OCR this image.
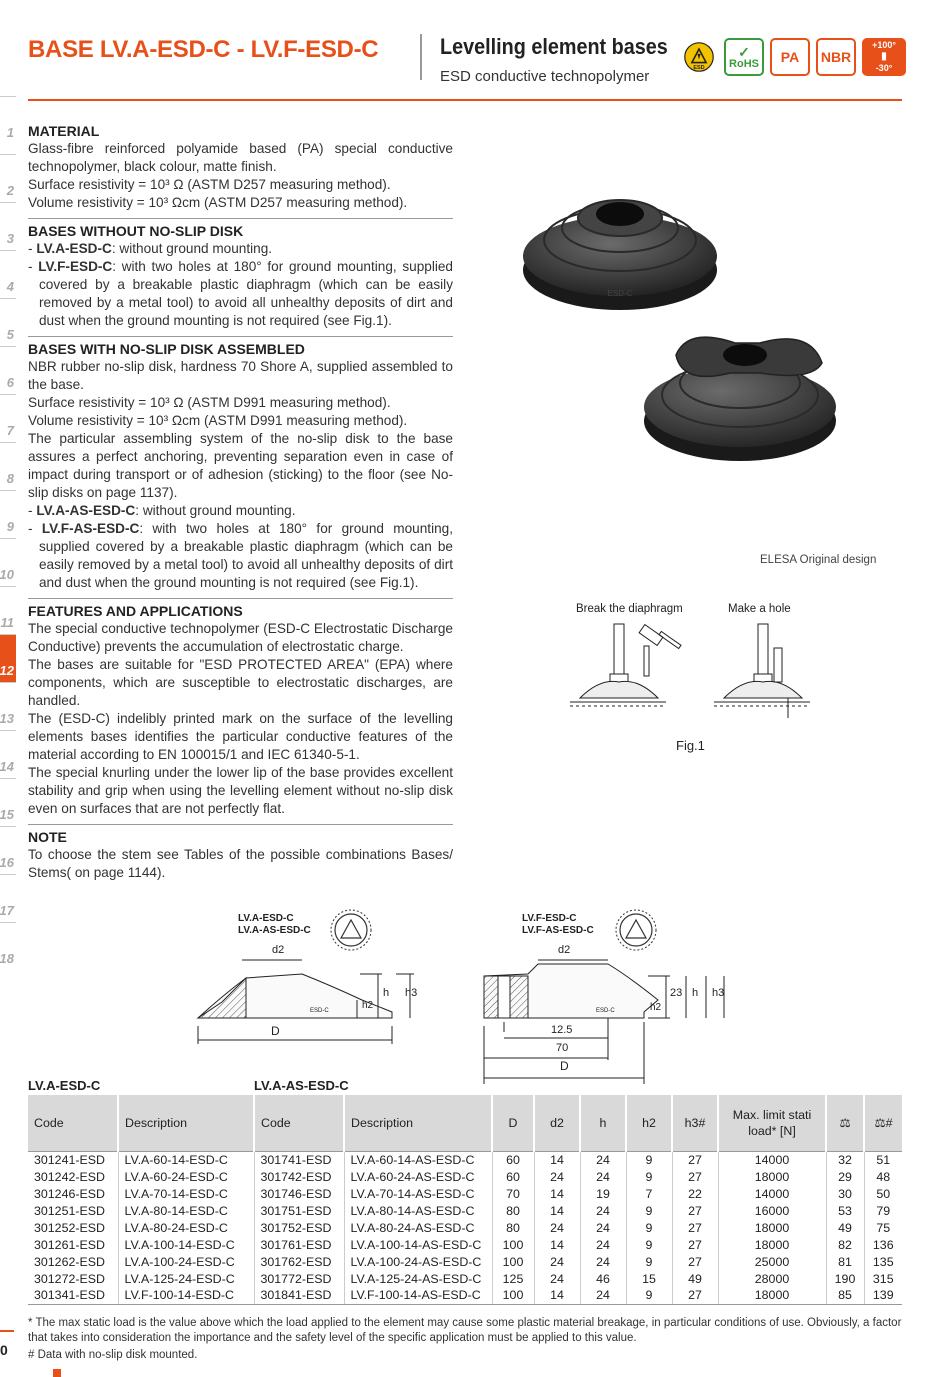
BASE LV.A-ESD-C - LV.F-ESD-C	Levelling element bases
ESD conductive technopolymer
ESD
✓
RoHS	PA	NBR
+100°
▮
-30°
1
2
3
4
5
6
7
8
9
10
11
12
13
14
15
16
17
18
MATERIAL
Glass-fibre reinforced polyamide based (PA) special conductive technopolymer, black colour, matte finish.
Surface resistivity = 10³ Ω (ASTM D257 measuring method).
Volume resistivity = 10³ Ωcm (ASTM D257 measuring method).
BASES WITHOUT NO-SLIP DISK
- LV.A-ESD-C: without ground mounting.
- LV.F-ESD-C: with two holes at 180° for ground mounting, supplied covered by a breakable plastic diaphragm (which can be easily removed by a metal tool) to avoid all unhealthy deposits of dirt and dust when the ground mounting is not required (see Fig.1).
BASES WITH NO-SLIP DISK ASSEMBLED
NBR rubber no-slip disk, hardness 70 Shore A, supplied assembled to the base.
Surface resistivity = 10³ Ω (ASTM D991 measuring method).
Volume resistivity = 10³ Ωcm (ASTM D991 measuring method).
The particular assembling system of the no-slip disk to the base assures a perfect anchoring, preventing separation even in case of impact during transport or of adhesion (sticking) to the floor (see No-slip disks on page 1137).
- LV.A-AS-ESD-C: without ground mounting.
- LV.F-AS-ESD-C: with two holes at 180° for ground mounting, supplied covered by a breakable plastic diaphragm (which can be easily removed by a metal tool) to avoid all unhealthy deposits of dirt and dust when the ground mounting is not required (see Fig.1).
FEATURES AND APPLICATIONS
The special conductive technopolymer (ESD-C Electrostatic Discharge Conductive) prevents the accumulation of electrostatic charge.
The bases are suitable for "ESD PROTECTED AREA" (EPA) where components, which are susceptible to electrostatic discharges, are handled.
The (ESD-C) indelibly printed mark on the surface of the levelling elements bases identifies the particular conductive features of the material according to EN 100015/1 and IEC 61340-5-1.
The special knurling under the lower lip of the base provides excellent stability and grip when using the levelling element without no-slip disk even on surfaces that are not perfectly flat.
NOTE
To choose the stem see Tables of the possible combinations Bases/ Stems( on page 1144).
ESD-C
ELESA Original design
Break the diaphragm	Make a hole
Fig.1
LV.A-ESD-C
LV.A-AS-ESD-C
d2
ESD-C
D
h2
h h3
LV.F-ESD-C
LV.F-AS-ESD-C
d2
ESD-C
12.5
70
D
h2
23 h h3
LV.A-ESD-C	LV.A-AS-ESD-C
Code	Description	Code	Description	D	d2	h	h2	h3#	Max. limit stati load* [N]	⚖	⚖#
301241-ESD	LV.A-60-14-ESD-C	301741-ESD	LV.A-60-14-AS-ESD-C	60	14	24	9	27	14000	32	51
301242-ESD	LV.A-60-24-ESD-C	301742-ESD	LV.A-60-24-AS-ESD-C	60	24	24	9	27	18000	29	48
301246-ESD	LV.A-70-14-ESD-C	301746-ESD	LV.A-70-14-AS-ESD-C	70	14	19	7	22	14000	30	50
301251-ESD	LV.A-80-14-ESD-C	301751-ESD	LV.A-80-14-AS-ESD-C	80	14	24	9	27	16000	53	79
301252-ESD	LV.A-80-24-ESD-C	301752-ESD	LV.A-80-24-AS-ESD-C	80	24	24	9	27	18000	49	75
301261-ESD	LV.A-100-14-ESD-C	301761-ESD	LV.A-100-14-AS-ESD-C	100	14	24	9	27	18000	82	136
301262-ESD	LV.A-100-24-ESD-C	301762-ESD	LV.A-100-24-AS-ESD-C	100	24	24	9	27	25000	81	135
301272-ESD	LV.A-125-24-ESD-C	301772-ESD	LV.A-125-24-AS-ESD-C	125	24	46	15	49	28000	190	315
301341-ESD	LV.F-100-14-ESD-C	301841-ESD	LV.F-100-14-AS-ESD-C	100	14	24	9	27	18000	85	139
* The max static load is the value above which the load applied to the element may cause some plastic material breakage, in particular conditions of use. Obviously, a factor that takes into consideration the importance and the safety level of the specific application must be applied to this value.
# Data with no-slip disk mounted.
0
